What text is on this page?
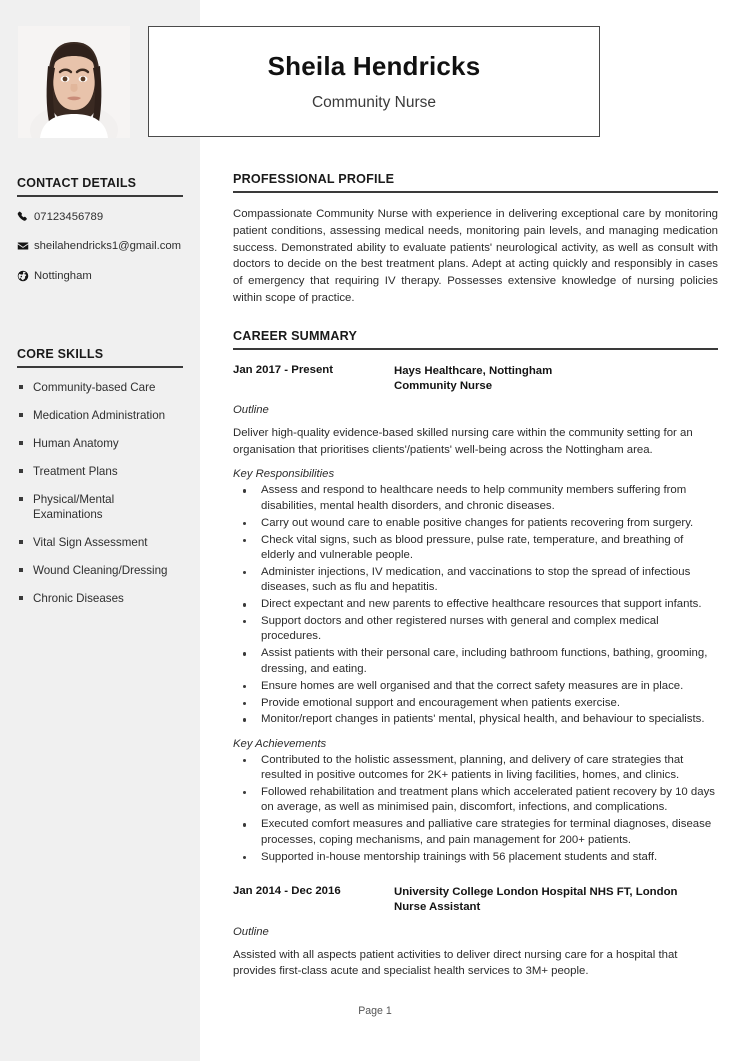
Sheila Hendricks
Community Nurse
CONTACT DETAILS
07123456789
sheilahendricks1@gmail.com
Nottingham
CORE SKILLS
Community-based Care
Medication Administration
Human Anatomy
Treatment Plans
Physical/Mental Examinations
Vital Sign Assessment
Wound Cleaning/Dressing
Chronic Diseases
PROFESSIONAL PROFILE
Compassionate Community Nurse with experience in delivering exceptional care by monitoring patient conditions, assessing medical needs, monitoring pain levels, and managing medication success. Demonstrated ability to evaluate patients' neurological activity, as well as consult with doctors to decide on the best treatment plans. Adept at acting quickly and responsibly in cases of emergency that requiring IV therapy. Possesses extensive knowledge of nursing policies within scope of practice.
CAREER SUMMARY
Jan 2017 - Present	Hays Healthcare, Nottingham
Community Nurse
Outline
Deliver high-quality evidence-based skilled nursing care within the community setting for an organisation that prioritises clients'/patients' well-being across the Nottingham area.
Key Responsibilities
Assess and respond to healthcare needs to help community members suffering from disabilities, mental health disorders, and chronic diseases.
Carry out wound care to enable positive changes for patients recovering from surgery.
Check vital signs, such as blood pressure, pulse rate, temperature, and breathing of elderly and vulnerable people.
Administer injections, IV medication, and vaccinations to stop the spread of infectious diseases, such as flu and hepatitis.
Direct expectant and new parents to effective healthcare resources that support infants.
Support doctors and other registered nurses with general and complex medical procedures.
Assist patients with their personal care, including bathroom functions, bathing, grooming, dressing, and eating.
Ensure homes are well organised and that the correct safety measures are in place.
Provide emotional support and encouragement when patients exercise.
Monitor/report changes in patients' mental, physical health, and behaviour to specialists.
Key Achievements
Contributed to the holistic assessment, planning, and delivery of care strategies that resulted in positive outcomes for 2K+ patients in living facilities, homes, and clinics.
Followed rehabilitation and treatment plans which accelerated patient recovery by 10 days on average, as well as minimised pain, discomfort, infections, and complications.
Executed comfort measures and palliative care strategies for terminal diagnoses, disease processes, coping mechanisms, and pain management for 200+ patients.
Supported in-house mentorship trainings with 56 placement students and staff.
Jan 2014 - Dec 2016	University College London Hospital NHS FT, London
Nurse Assistant
Outline
Assisted with all aspects patient activities to deliver direct nursing care for a hospital that provides first-class acute and specialist health services to 3M+ people.
Page 1
